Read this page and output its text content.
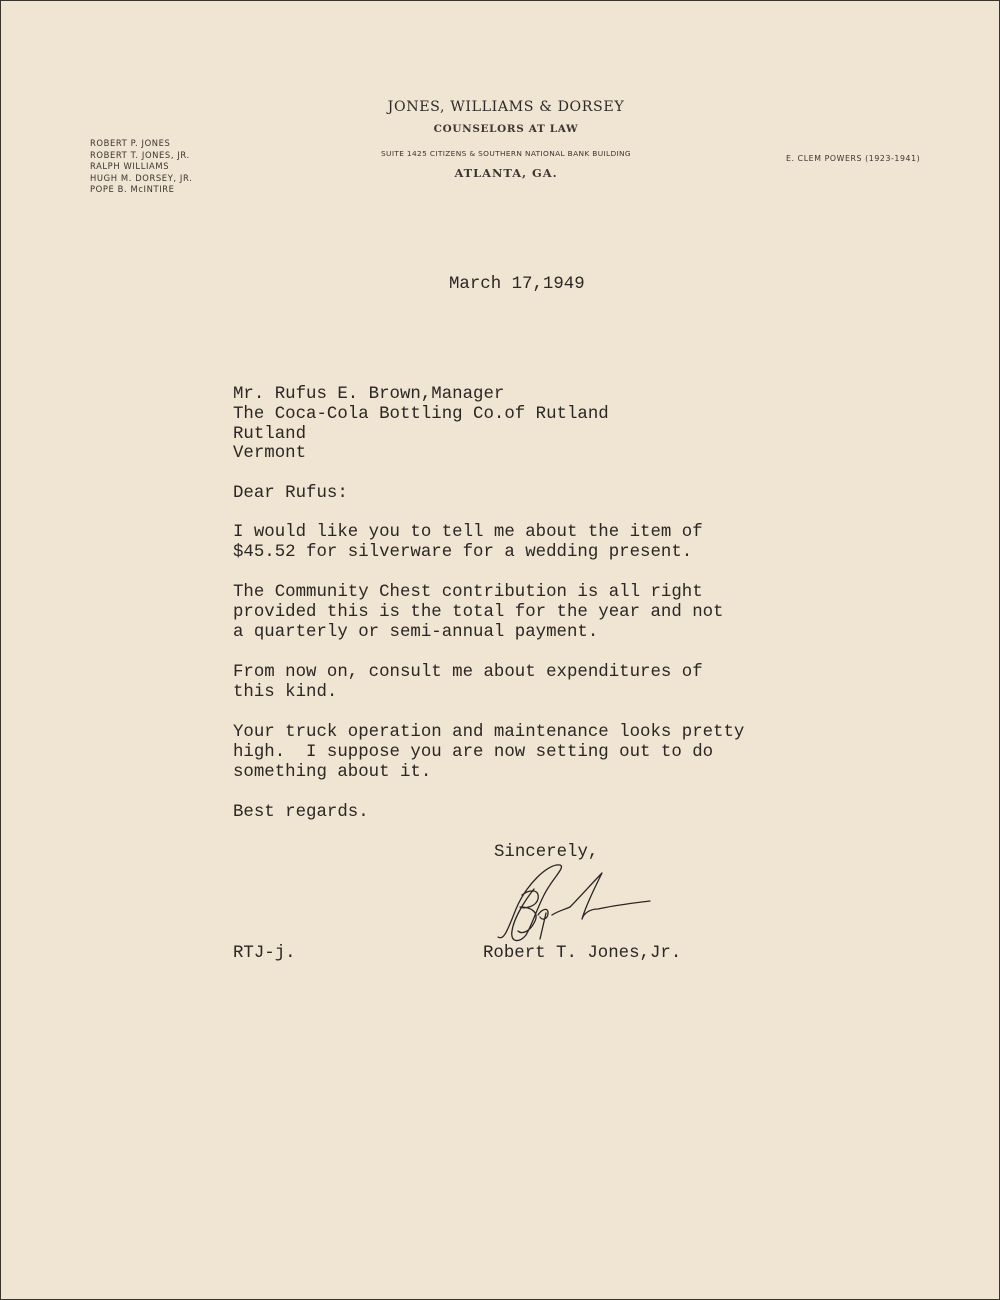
ROBERT P. JONES
ROBERT T. JONES, JR.
RALPH WILLIAMS
HUGH M. DORSEY, JR.
POPE B. McINTIRE
JONES, WILLIAMS & DORSEY
COUNSELORS AT LAW
SUITE 1425 CITIZENS & SOUTHERN NATIONAL BANK BUILDING
ATLANTA, GA.
E. CLEM POWERS (1923-1941)
March 17,1949
Mr. Rufus E. Brown,Manager
The Coca-Cola Bottling Co.of Rutland
Rutland
Vermont
Dear Rufus:
I would like you to tell me about the item of
$45.52 for silverware for a wedding present.
The Community Chest contribution is all right
provided this is the total for the year and not
a quarterly or semi-annual payment.
From now on, consult me about expenditures of
this kind.
Your truck operation and maintenance looks pretty
high.  I suppose you are now setting out to do
something about it.
Best regards.
Sincerely,
RTJ-j.	Robert T. Jones,Jr.
